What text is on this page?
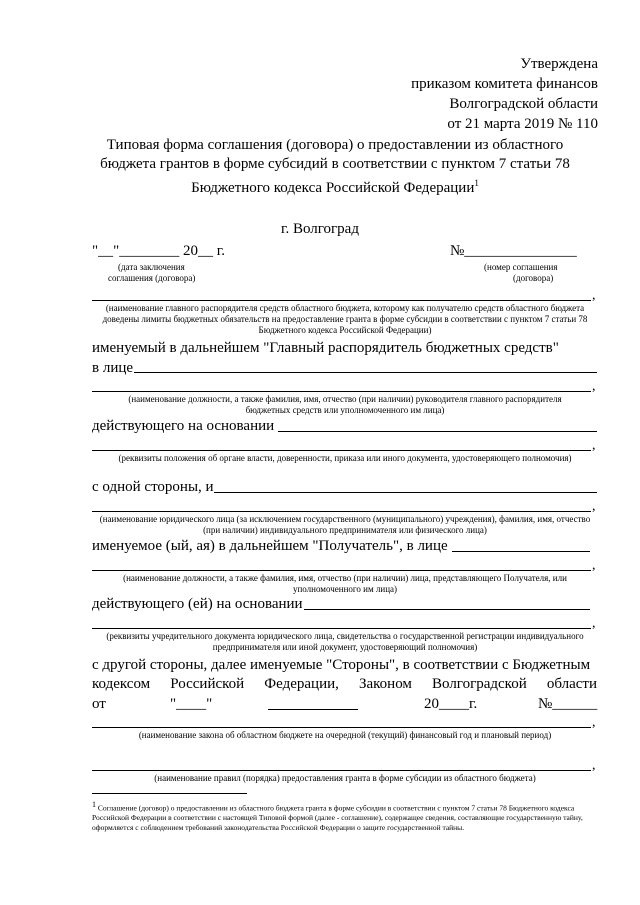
Утверждена
приказом комитета финансов
Волгоградской области
от 21 марта 2019 № 110
Типовая форма соглашения (договора) о предоставлении из областного
бюджета грантов в форме субсидий в соответствии с пунктом 7 статьи 78
Бюджетного кодекса Российской Федерации$^1$
г. Волгоград
"__"________ 20__ г.
(дата заключения
соглашения (договора)
№_______________
(номер соглашения
(договора)
,
(наименование главного распорядителя средств областного бюджета, которому как получателю средств областного бюджета доведены лимиты бюджетных обязательств на предоставление гранта в форме субсидии в соответствии с пунктом 7 статьи 78 Бюджетного кодекса Российской Федерации)
именуемый в дальнейшем "Главный распорядитель бюджетных средств"
в лице
,
(наименование должности, а также фамилия, имя, отчество (при наличии) руководителя главного распорядителя бюджетных средств или уполномоченного им лица)
действующего на основании
,
(реквизиты положения об органе власти, доверенности, приказа или иного документа, удостоверяющего полномочия)
с одной стороны, и
,
(наименование юридического лица (за исключением государственного (муниципального) учреждения), фамилия, имя, отчество (при наличии) индивидуального предпринимателя или физического лица)
именуемое (ый, ая) в дальнейшем "Получатель", в лице
,
(наименование должности, а также фамилия, имя, отчество (при наличии) лица, представляющего Получателя, или уполномоченного им лица)
действующего (ей) на основании
,
(реквизиты учредительного документа юридического лица, свидетельства о государственной регистрации индивидуального предпринимателя или иной документ, удостоверяющий полномочия)
с другой стороны, далее именуемые "Стороны", в соответствии с Бюджетным
кодексом Российской Федерации, Законом Волгоградской области
от	"____"	20____г.	№______
,
(наименование закона об областном бюджете на очередной (текущий) финансовый год и плановый период)
,
(наименование правил (порядка) предоставления гранта в форме субсидии из областного бюджета)
$^1$ Соглашение (договор) о предоставлении из областного бюджета гранта в форме субсидии в соответствии с пунктом 7 статьи 78 Бюджетного кодекса Российской Федерации в соответствии с настоящей Типовой формой (далее - соглашение), содержащее сведения, составляющие государственную тайну, оформляется с соблюдением требований законодательства Российской Федерации о защите государственной тайны.
